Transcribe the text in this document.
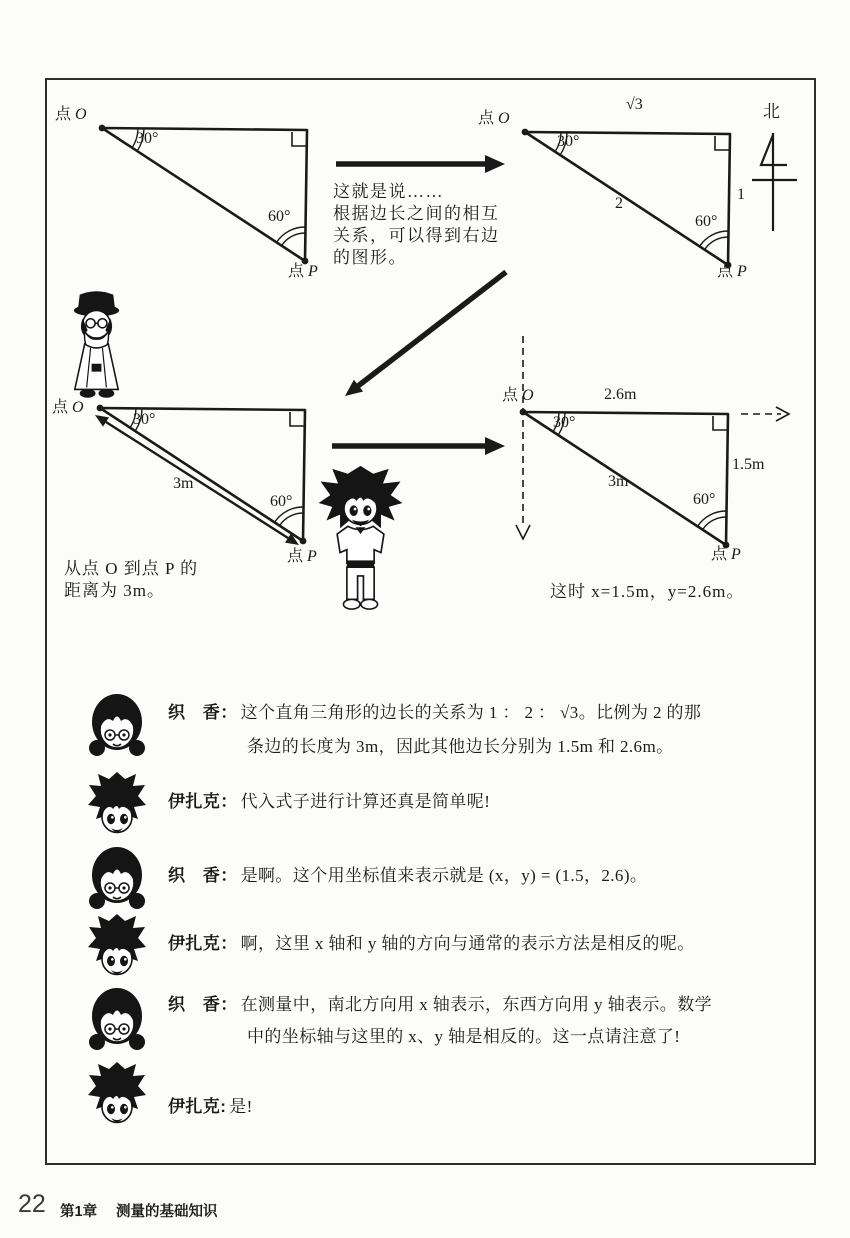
点 O
30°
60°
点 P
这就是说……
根据边长之间的相互
关系，可以得到右边
的图形。
点 O
√3
30°
2
1
60°
点 P
北
点 O
30°
3m
60°
点 P
从点 O 到点 P 的
距离为 3m。
点 O	2.6m
30°
3m
1.5m
60°
点 P
这时 x=1.5m，y=2.6m。
织　香： 这个直角三角形的边长的关系为 1 ： 2 ： √3。比例为 2 的那
条边的长度为 3m，因此其他边长分别为 1.5m 和 2.6m。
伊扎克： 代入式子进行计算还真是简单呢!
织　香： 是啊。这个用坐标值来表示就是 (x，y) = (1.5，2.6)。
伊扎克： 啊，这里 x 轴和 y 轴的方向与通常的表示方法是相反的呢。
织　香： 在测量中，南北方向用 x 轴表示，东西方向用 y 轴表示。数学
中的坐标轴与这里的 x、y 轴是相反的。这一点请注意了!
伊扎克: 是!
22 第1章 测量的基础知识
